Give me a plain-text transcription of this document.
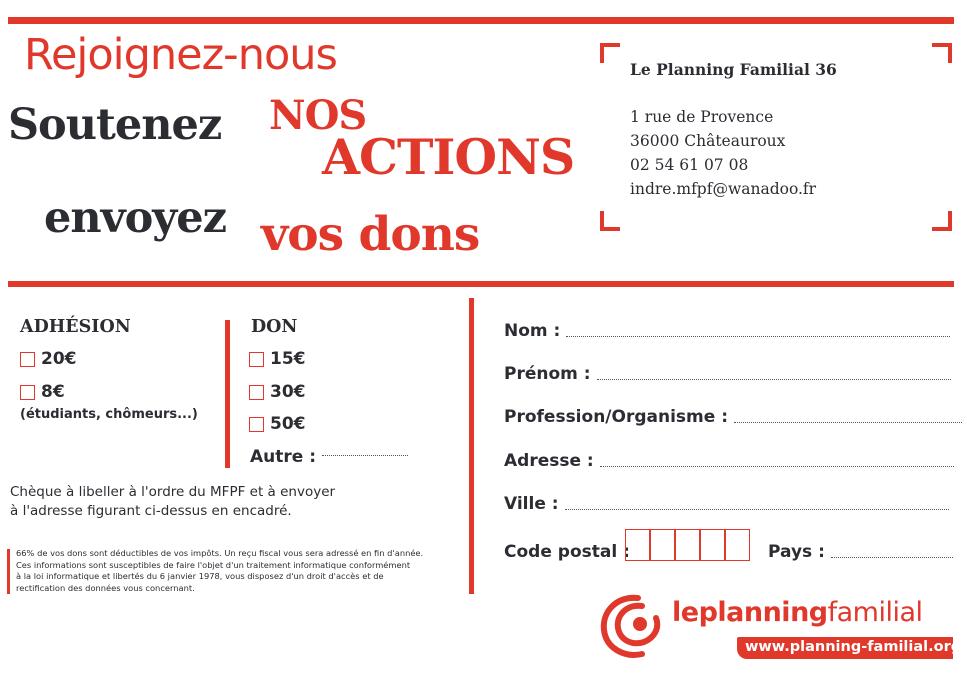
Rejoignez-nous
Soutenez NOS
ACTIONS
envoyez vos dons
Le Planning Familial 36
1 rue de Provence
36000 Châteauroux
02 54 61 07 08
indre.mfpf@wanadoo.fr
ADHÉSION
20€
8€
(étudiants, chômeurs...)
DON
15€
30€
50€
Autre :
Chèque à libeller à l'ordre du MFPF et à envoyer
à l'adresse figurant ci-dessus en encadré.
66% de vos dons sont déductibles de vos impôts. Un reçu fiscal vous sera adressé en fin d'année.
Ces informations sont susceptibles de faire l'objet d'un traitement informatique conformément
à la loi informatique et libertés du 6 janvier 1978, vous disposez d'un droit d'accès et de
rectification des données vous concernant.
Nom :
Prénom :
Profession/Organisme :
Adresse :
Ville :
Code postal :	Pays :
leplanningfamilial
www.planning-familial.org
